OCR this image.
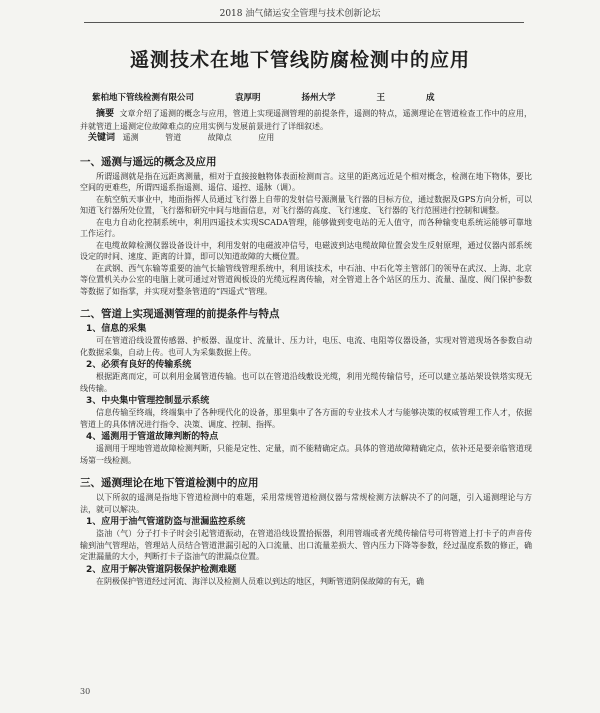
2018 油气储运安全管理与技术创新论坛
遥测技术在地下管线防腐检测中的应用
紫柏地下管线检测有限公司	袁厚明	扬州大学	王	成

摘要 文章介绍了遥测的概念与应用，管道上实现遥测管理的前提条件，遥测的特点，遥测理论在管道检查工作中的应用，并就管道上遥测定位故障难点的应用实例与发展前景进行了详细叙述。

关键词 遥测	管道	故障点	应用
一、遥测与遥远的概念及应用

所谓遥测就是指在远距离测量，相对于直接接触物体表面检测而言。这里的距离远近是个相对概念，检测在地下物体，要比空间的更难些，所谓四遥系指遥测、遥信、遥控、遥脉（调）。

在航空航天事业中，地面指挥人员通过飞行器上自带的发射信号源测量飞行器的目标方位，通过数据及GPS方向分析，可以知道飞行器所处位置，飞行器和研究中间与地面信息，对飞行器的高度、飞行速度、飞行器的飞行范围进行控制和调整。

在电力自动化控制系统中，利用四遥技术实现SCADA管理，能够做到变电站的无人值守，而各种输变电系统运能够可靠地工作运行。

在电缆故障检测仪器设备设计中，利用发射的电磁波冲信号，电磁波到达电缆故障位置会发生反射原理，通过仪器内部系统设定的时间、速度、距离的计算，即可以知道故障的大概位置。

在武钢、西气东输等重要的油气长输管线管理系统中，利用该技术，中石油、中石化等主管部门的领导在武汉、上海、北京等位置机关办公室的电脑上就可通过对管道阀板设的光缆远程离传输，对全管道上各个站区的压力、流量、温度、阀门保护参数等数据了如指掌，并实现对整条管道的“四遥式”管理。

二、管道上实现遥测管理的前提条件与特点
1、信息的采集

可在管道沿线设置传感器、护板器、温度计、流量计、压力计，电压、电流、电阻等仪器设备，实现对管道现场各参数自动化数据采集，自动上传。也可人为采集数据上传。

2、必须有良好的传输系统

根据距离而定，可以利用金属管道传输。也可以在管道沿线敷设光缆，利用光缆传输信号，还可以建立基站架设铁塔实现无线传输。

3、中央集中管理控制显示系统

信息传输至终端，终端集中了各种现代化的设备，那里集中了各方面的专业技术人才与能够决策的权威管理工作人才，依据管道上的具体情况进行指令、决策、调度、控制、指挥。

4、遥测用于管道故障判断的特点

遥测用于埋地管道故障检测判断，只能是定性、定量，而不能精确定点。具体的管道故障精确定点，依补还是要亲临管道现场第一线检测。

三、遥测理论在地下管道检测中的应用

以下所叙的遥测是指地下管道检测中的难题，采用常规管道检测仪器与常规检测方法解决不了的问题，引入遥测理论与方法，就可以解决。

1、应用于油气管道防盗与泄漏监控系统

盗油（气）分子打卡子时会引起管道振动，在管道沿线设置拾振器，利用管端或者光缆传输信号可将管道上打卡子的声音传输到油气管理站，管理站人员结合管道泄漏引起的入口流量、出口流量差损大、管内压力下降等参数，经过温度系数的修正，确定泄漏量的大小，判断打卡子盗油气的泄漏点位置。

2、应用于解决管道阴极保护检测难题

在阴极保护管道经过河流、海洋以及检测人员难以到达的地区，判断管道阴保故障的有无，确

30
